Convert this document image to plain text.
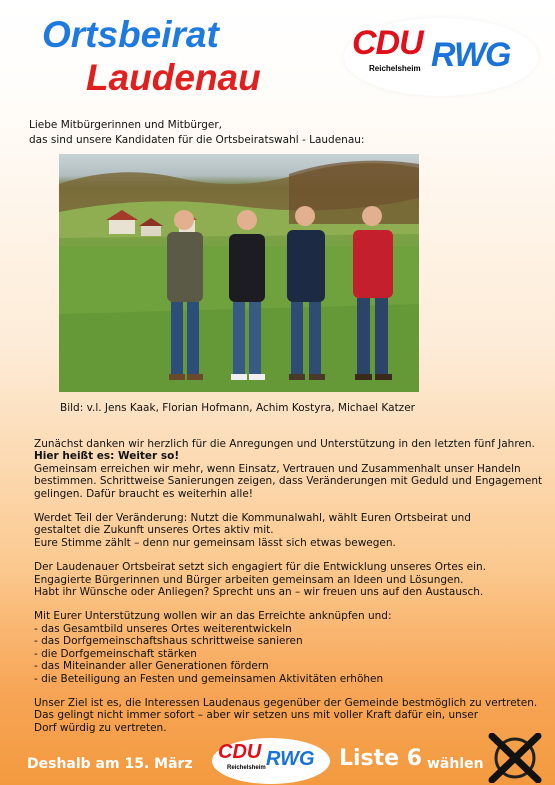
Ortsbeirat
Laudenau
CDU RWG
Reichelsheim
Liebe Mitbürgerinnen und Mitbürger,
das sind unsere Kandidaten für die Ortsbeiratswahl - Laudenau:
Bild: v.l. Jens Kaak, Florian Hofmann, Achim Kostyra, Michael Katzer

Zunächst danken wir herzlich für die Anregungen und Unterstützung in den letzten fünf Jahren.
Hier heißt es: Weiter so!
Gemeinsam erreichen wir mehr, wenn Einsatz, Vertrauen und Zusammenhalt unser Handeln
bestimmen. Schrittweise Sanierungen zeigen, dass Veränderungen mit Geduld und Engagement
gelingen. Dafür braucht es weiterhin alle!

Werdet Teil der Veränderung: Nutzt die Kommunalwahl, wählt Euren Ortsbeirat und
gestaltet die Zukunft unseres Ortes aktiv mit.
Eure Stimme zählt – denn nur gemeinsam lässt sich etwas bewegen.

Der Laudenauer Ortsbeirat setzt sich engagiert für die Entwicklung unseres Ortes ein.
Engagierte Bürgerinnen und Bürger arbeiten gemeinsam an Ideen und Lösungen.
Habt ihr Wünsche oder Anliegen? Sprecht uns an – wir freuen uns auf den Austausch.

Mit Eurer Unterstützung wollen wir an das Erreichte anknüpfen und:
- das Gesamtbild unseres Ortes weiterentwickeln
- das Dorfgemeinschaftshaus schrittweise sanieren
- die Dorfgemeinschaft stärken
- das Miteinander aller Generationen fördern
- die Beteiligung an Festen und gemeinsamen Aktivitäten erhöhen

Unser Ziel ist es, die Interessen Laudenaus gegenüber der Gemeinde bestmöglich zu vertreten.
Das gelingt nicht immer sofort – aber wir setzen uns mit voller Kraft dafür ein, unser
Dorf würdig zu vertreten.

Deshalb am 15. März
CDU RWG
Reichelsheim	Liste 6 wählen
